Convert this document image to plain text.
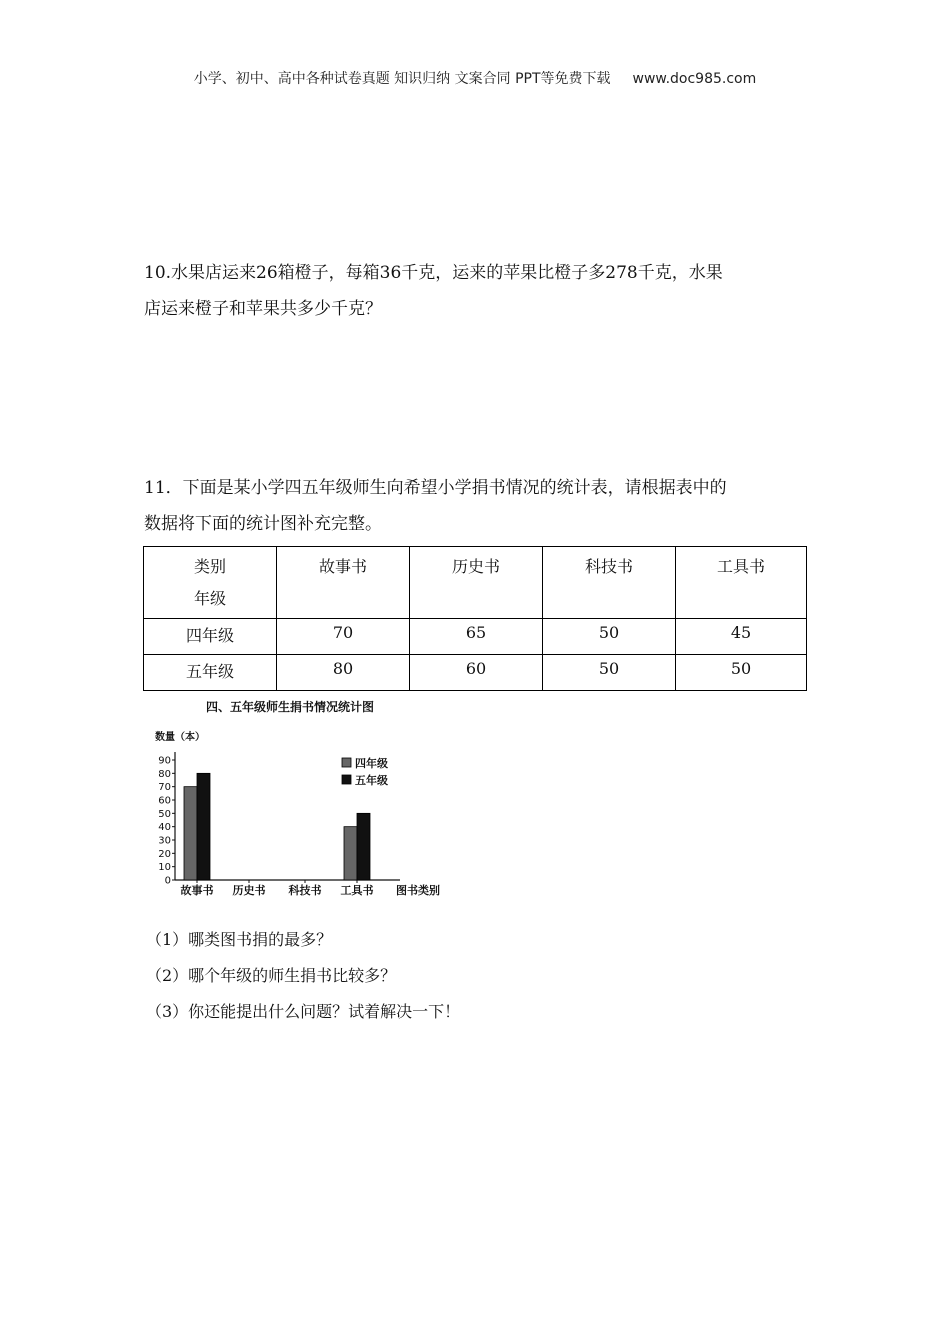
小学、初中、高中各种试卷真题 知识归纳 文案合同 PPT等免费下载 www.doc985.com
10.水果店运来26箱橙子，每箱36千克，运来的苹果比橙子多278千克，水果
店运来橙子和苹果共多少千克？
11．下面是某小学四五年级师生向希望小学捐书情况的统计表，请根据表中的
数据将下面的统计图补充完整。
类别
年级	故事书	历史书	科技书	工具书

四年级	70	65	50	45
五年级	80	60	50	50
四、五年级师生捐书情况统计图
数量（本）
0
10
20
30
40
50
60
70
80
90
故事书 历史书 科技书 工具书 图书类别
四年级
五年级
（1）哪类图书捐的最多？
（2）哪个年级的师生捐书比较多？
（3）你还能提出什么问题？试着解决一下！
